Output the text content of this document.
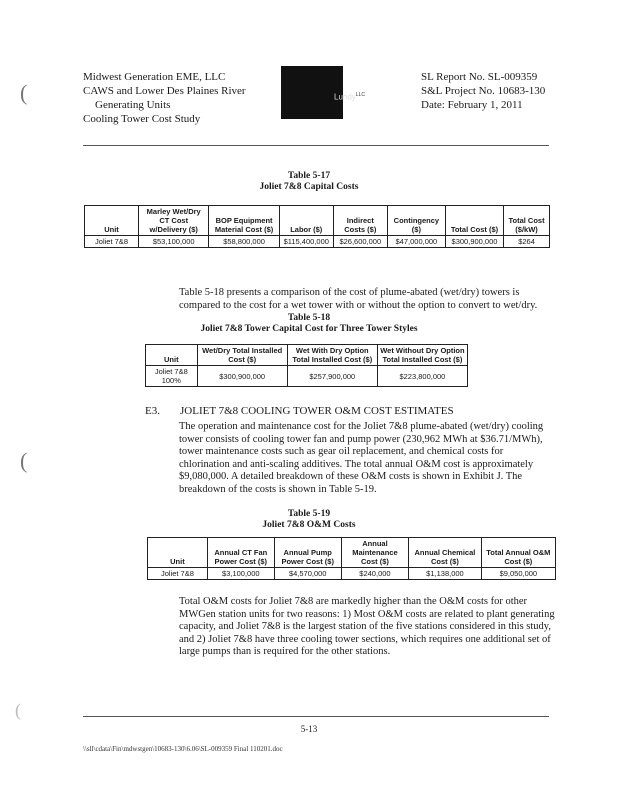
(
(
(
Midwest Generation EME, LLC
CAWS and Lower Des Plaines River
Generating Units
Cooling Tower Cost Study
Lundy$^{LLC}$
SL Report No. SL-009359
S&L Project No. 10683-130
Date: February 1, 2011
Table 5-17
Joliet 7&8 Capital Costs
Unit	Marley Wet/Dry CT Cost w/Delivery ($)	BOP Equipment Material Cost ($)	Labor ($)	Indirect Costs ($)	Contingency ($)	Total Cost ($)	Total Cost ($/kW)
Joliet 7&8	$53,100,000	$58,800,000	$115,400,000	$26,600,000	$47,000,000	$300,900,000	$264
Table 5-18 presents a comparison of the cost of plume-abated (wet/dry) towers is compared to the cost for a wet tower with or without the option to convert to wet/dry.
Table 5-18
Joliet 7&8 Tower Capital Cost for Three Tower Styles
Unit	Wet/Dry Total Installed Cost ($)	Wet With Dry Option Total Installed Cost ($)	Wet Without Dry Option Total Installed Cost ($)
Joliet 7&8 100%	$300,900,000	$257,900,000	$223,800,000
E3. JOLIET 7&8 COOLING TOWER O&M COST ESTIMATES
The operation and maintenance cost for the Joliet 7&8 plume-abated (wet/dry) cooling tower consists of cooling tower fan and pump power (230,962 MWh at $36.71/MWh), tower maintenance costs such as gear oil replacement, and chemical costs for chlorination and anti-scaling additives. The total annual O&M cost is approximately $9,080,000. A detailed breakdown of these O&M costs is shown in Exhibit J. The breakdown of the costs is shown in Table 5-19.
Table 5-19
Joliet 7&8 O&M Costs
Unit	Annual CT Fan Power Cost ($)	Annual Pump Power Cost ($)	Annual Maintenance Cost ($)	Annual Chemical Cost ($)	Total Annual O&M Cost ($)
Joliet 7&8	$3,100,000	$4,570,000	$240,000	$1,138,000	$9,050,000
Total O&M costs for Joliet 7&8 are markedly higher than the O&M costs for other MWGen station units for two reasons: 1) Most O&M costs are related to plant generating capacity, and Joliet 7&8 is the largest station of the five stations considered in this study, and 2) Joliet 7&8 have three cooling tower sections, which requires one additional set of large pumps than is required for the other stations.
5-13
\\sll\cdata\Fin\mdwstgen\10683-130\6.06\SL-009359 Final 110201.doc
